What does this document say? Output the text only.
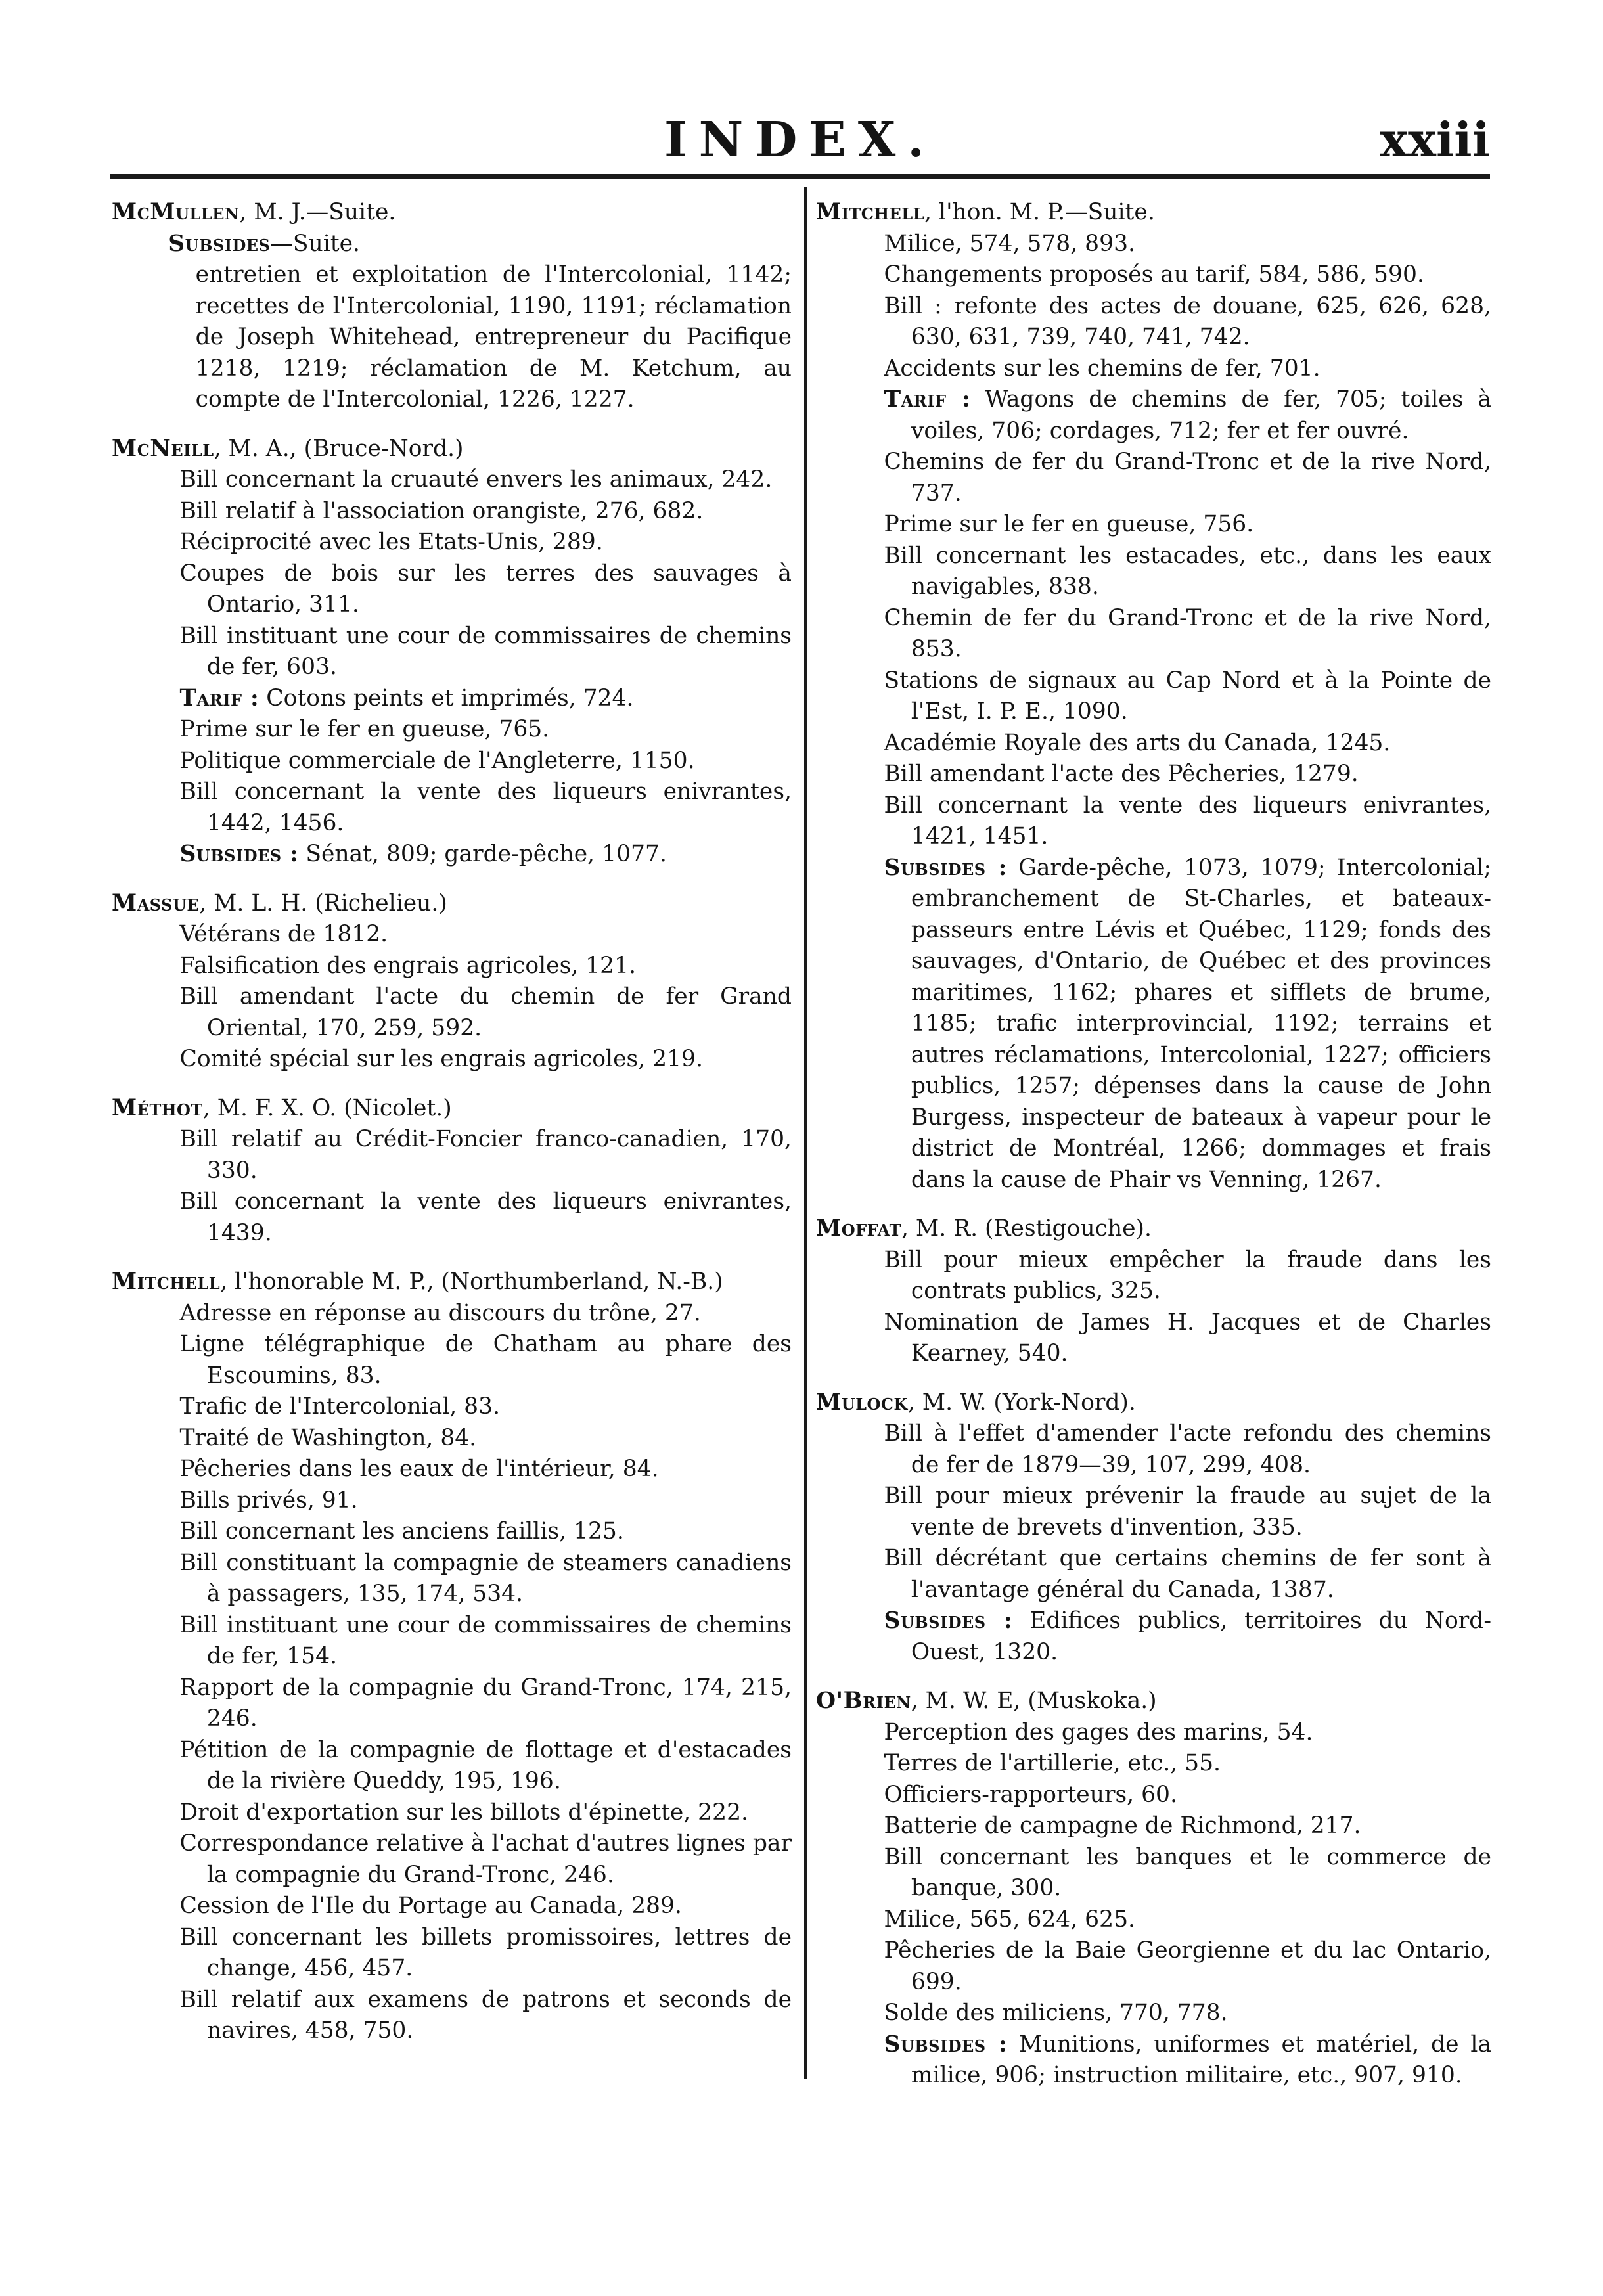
INDEX.	xxiii
McMullen, M. J.—Suite.
Subsides—Suite.
entretien et exploitation de l'Intercolonial, 1142; recettes de l'Intercolonial, 1190, 1191; réclamation de Joseph Whitehead, entrepreneur du Pacifique 1218, 1219; réclamation de M. Ketchum, au compte de l'Intercolonial, 1226, 1227.
McNeill, M. A., (Bruce-Nord.)
Bill concernant la cruauté envers les animaux, 242.
Bill relatif à l'association orangiste, 276, 682.
Réciprocité avec les Etats-Unis, 289.
Coupes de bois sur les terres des sauvages à Ontario, 311.
Bill instituant une cour de commissaires de chemins de fer, 603.
Tarif : Cotons peints et imprimés, 724.
Prime sur le fer en gueuse, 765.
Politique commerciale de l'Angleterre, 1150.
Bill concernant la vente des liqueurs enivrantes, 1442, 1456.
Subsides : Sénat, 809; garde-pêche, 1077.
Massue, M. L. H. (Richelieu.)
Vétérans de 1812.
Falsification des engrais agricoles, 121.
Bill amendant l'acte du chemin de fer Grand Oriental, 170, 259, 592.
Comité spécial sur les engrais agricoles, 219.
Méthot, M. F. X. O. (Nicolet.)
Bill relatif au Crédit-Foncier franco-canadien, 170, 330.
Bill concernant la vente des liqueurs enivrantes, 1439.
Mitchell, l'honorable M. P., (Northumberland, N.-B.)
Adresse en réponse au discours du trône, 27.
Ligne télégraphique de Chatham au phare des Escoumins, 83.
Trafic de l'Intercolonial, 83.
Traité de Washington, 84.
Pêcheries dans les eaux de l'intérieur, 84.
Bills privés, 91.
Bill concernant les anciens faillis, 125.
Bill constituant la compagnie de steamers canadiens à passagers, 135, 174, 534.
Bill instituant une cour de commissaires de chemins de fer, 154.
Rapport de la compagnie du Grand-Tronc, 174, 215, 246.
Pétition de la compagnie de flottage et d'estacades de la rivière Queddy, 195, 196.
Droit d'exportation sur les billots d'épinette, 222.
Correspondance relative à l'achat d'autres lignes par la compagnie du Grand-Tronc, 246.
Cession de l'Ile du Portage au Canada, 289.
Bill concernant les billets promissoires, lettres de change, 456, 457.
Bill relatif aux examens de patrons et seconds de navires, 458, 750.
Mitchell, l'hon. M. P.—Suite.
Milice, 574, 578, 893.
Changements proposés au tarif, 584, 586, 590.
Bill : refonte des actes de douane, 625, 626, 628, 630, 631, 739, 740, 741, 742.
Accidents sur les chemins de fer, 701.
Tarif : Wagons de chemins de fer, 705; toiles à voiles, 706; cordages, 712; fer et fer ouvré.
Chemins de fer du Grand-Tronc et de la rive Nord, 737.
Prime sur le fer en gueuse, 756.
Bill concernant les estacades, etc., dans les eaux navigables, 838.
Chemin de fer du Grand-Tronc et de la rive Nord, 853.
Stations de signaux au Cap Nord et à la Pointe de l'Est, I. P. E., 1090.
Académie Royale des arts du Canada, 1245.
Bill amendant l'acte des Pêcheries, 1279.
Bill concernant la vente des liqueurs enivrantes, 1421, 1451.
Subsides : Garde-pêche, 1073, 1079; Intercolonial; embranchement de St-Charles, et bateaux-passeurs entre Lévis et Québec, 1129; fonds des sauvages, d'Ontario, de Québec et des provinces maritimes, 1162; phares et sifflets de brume, 1185; trafic interprovincial, 1192; terrains et autres réclamations, Intercolonial, 1227; officiers publics, 1257; dépenses dans la cause de John Burgess, inspecteur de bateaux à vapeur pour le district de Montréal, 1266; dommages et frais dans la cause de Phair vs Venning, 1267.
Moffat, M. R. (Restigouche).
Bill pour mieux empêcher la fraude dans les contrats publics, 325.
Nomination de James H. Jacques et de Charles Kearney, 540.
Mulock, M. W. (York-Nord).
Bill à l'effet d'amender l'acte refondu des chemins de fer de 1879—39, 107, 299, 408.
Bill pour mieux prévenir la fraude au sujet de la vente de brevets d'invention, 335.
Bill décrétant que certains chemins de fer sont à l'avantage général du Canada, 1387.
Subsides : Edifices publics, territoires du Nord-Ouest, 1320.
O'Brien, M. W. E, (Muskoka.)
Perception des gages des marins, 54.
Terres de l'artillerie, etc., 55.
Officiers-rapporteurs, 60.
Batterie de campagne de Richmond, 217.
Bill concernant les banques et le commerce de banque, 300.
Milice, 565, 624, 625.
Pêcheries de la Baie Georgienne et du lac Ontario, 699.
Solde des miliciens, 770, 778.
Subsides : Munitions, uniformes et matériel, de la milice, 906; instruction militaire, etc., 907, 910.
